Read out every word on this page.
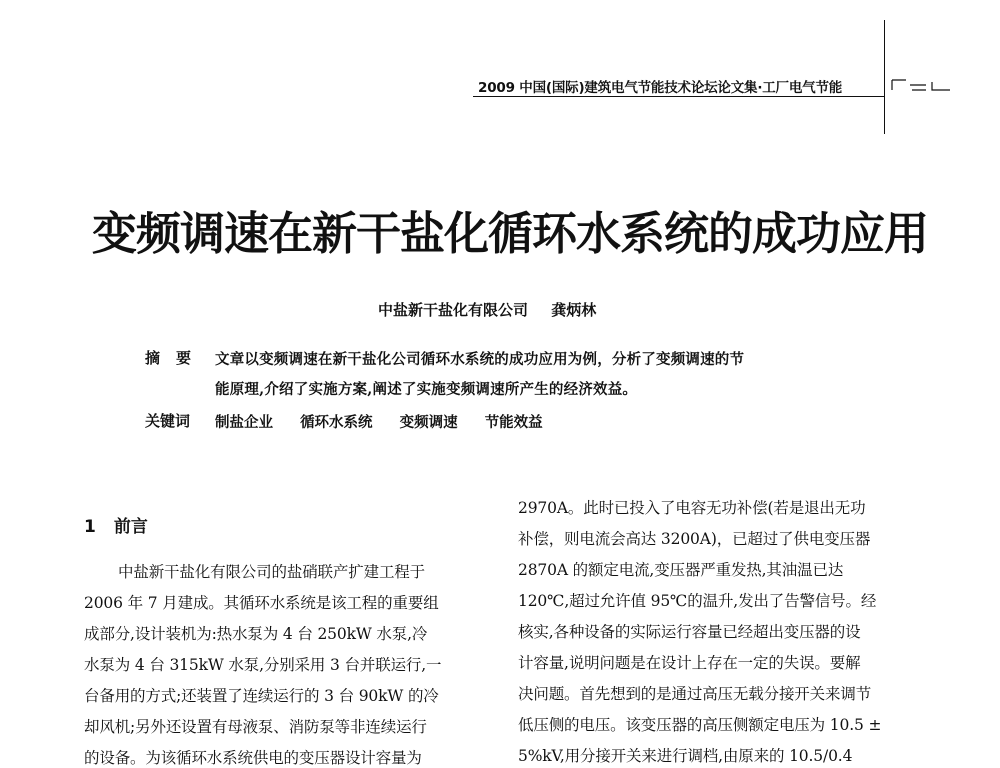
2009 中国(国际)建筑电气节能技术论坛论文集·工厂电气节能
变频调速在新干盐化循环水系统的成功应用
中盐新干盐化有限公司 龚炳林
摘要 文章以变频调速在新干盐化公司循环水系统的成功应用为例，分析了变频调速的节
能原理,介绍了实施方案,阐述了实施变频调速所产生的经济效益。
关键词 制盐企业 循环水系统 变频调速 节能效益
1 前言
中盐新干盐化有限公司的盐硝联产扩建工程于
2006 年 7 月建成。其循环水系统是该工程的重要组
成部分,设计装机为:热水泵为 4 台 250kW 水泵,冷
水泵为 4 台 315kW 水泵,分别采用 3 台并联运行,一
台备用的方式;还装置了连续运行的 3 台 90kW 的冷
却风机;另外还设置有母液泵、消防泵等非连续运行
的设备。为该循环水系统供电的变压器设计容量为
2970A。此时已投入了电容无功补偿(若是退出无功
补偿，则电流会高达 3200A)，已超过了供电变压器
2870A 的额定电流,变压器严重发热,其油温已达
120℃,超过允许值 95℃的温升,发出了告警信号。经
核实,各种设备的实际运行容量已经超出变压器的设
计容量,说明问题是在设计上存在一定的失误。要解
决问题。首先想到的是通过高压无载分接开关来调节
低压侧的电压。该变压器的高压侧额定电压为 10.5 ±
5%kV,用分接开关来进行调档,由原来的 10.5/0.4
